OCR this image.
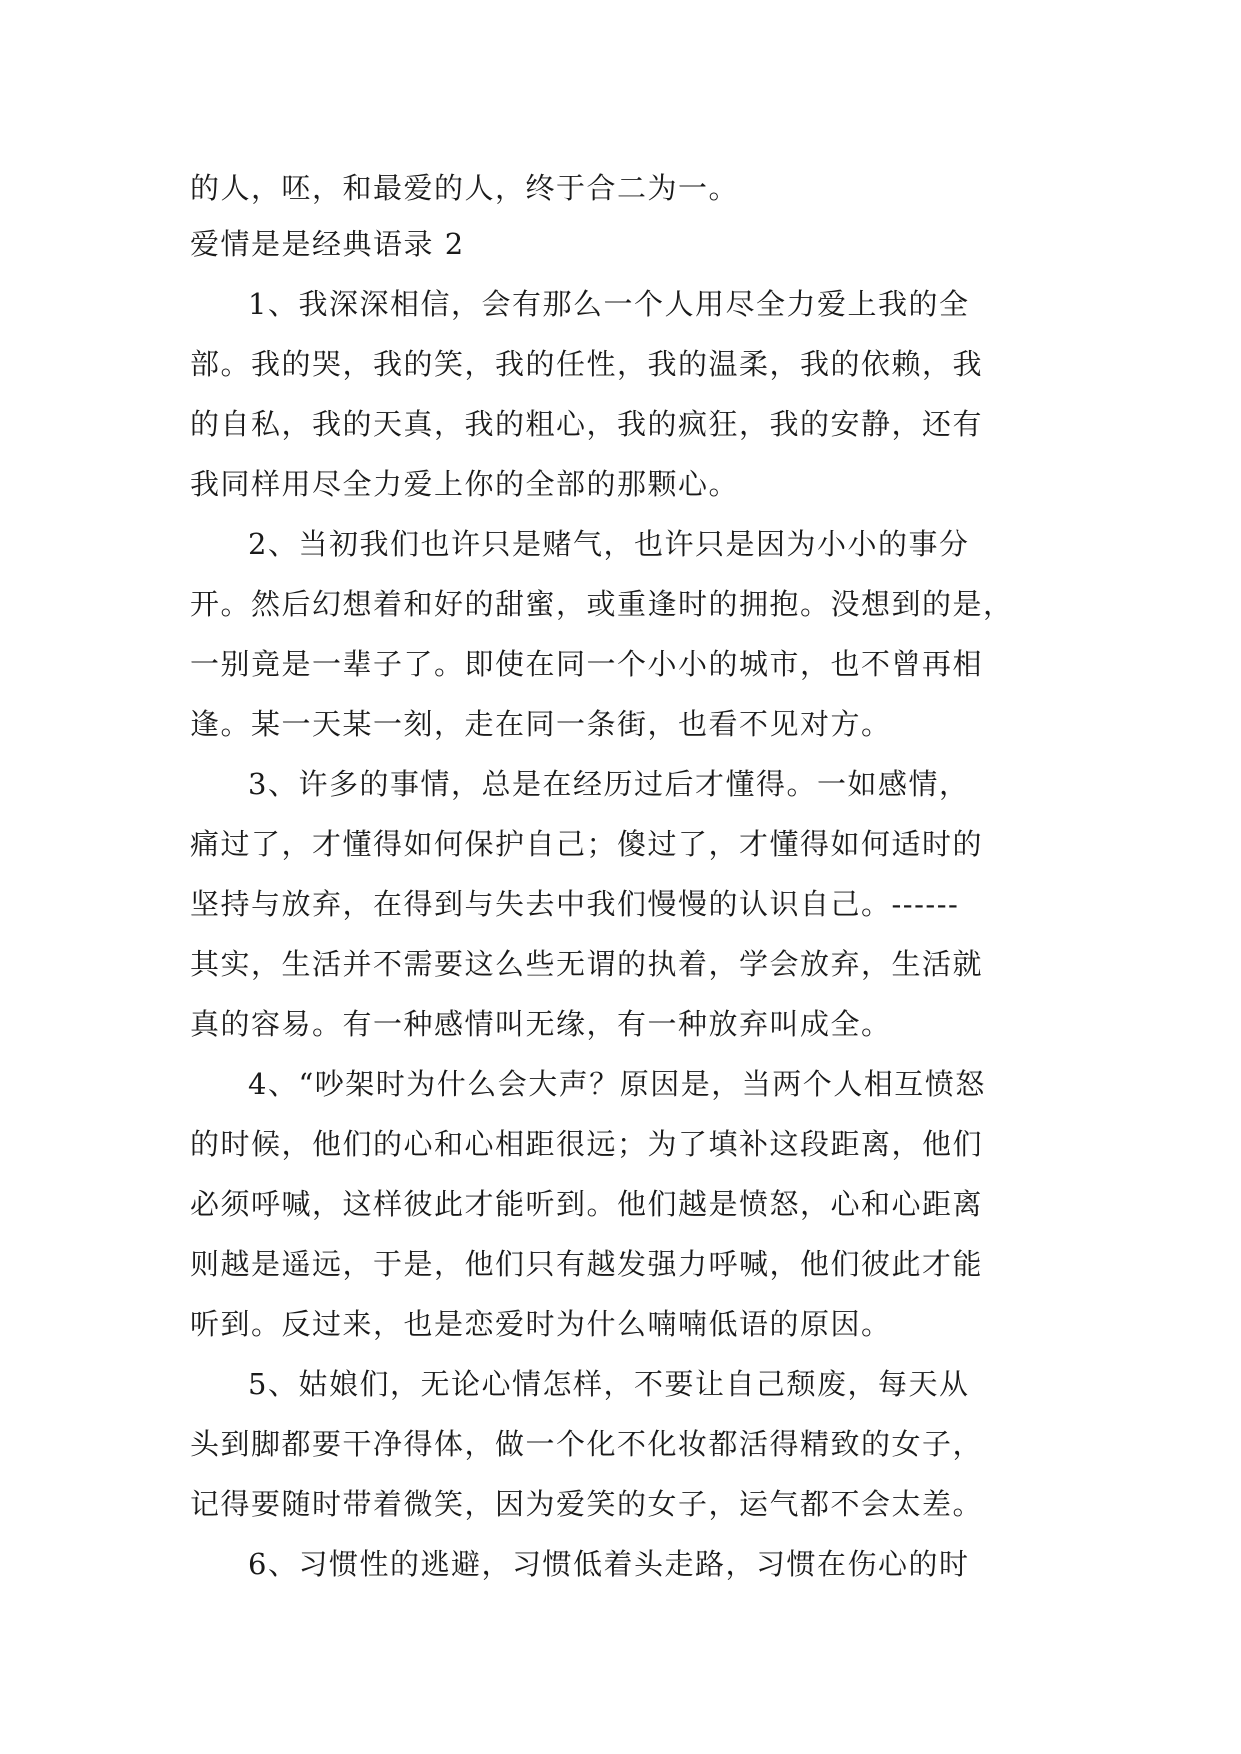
的人，呸，和最爱的人，终于合二为一。
爱情是是经典语录 2
1、我深深相信，会有那么一个人用尽全力爱上我的全
部。我的哭，我的笑，我的任性，我的温柔，我的依赖，我
的自私，我的天真，我的粗心，我的疯狂，我的安静，还有
我同样用尽全力爱上你的全部的那颗心。
2、当初我们也许只是赌气，也许只是因为小小的事分
开。然后幻想着和好的甜蜜，或重逢时的拥抱。没想到的是，
一别竟是一辈子了。即使在同一个小小的城市，也不曾再相
逢。某一天某一刻，走在同一条街，也看不见对方。
3、许多的事情，总是在经历过后才懂得。一如感情，
痛过了，才懂得如何保护自己；傻过了，才懂得如何适时的
坚持与放弃，在得到与失去中我们慢慢的认识自己。------
其实，生活并不需要这么些无谓的执着，学会放弃，生活就
真的容易。有一种感情叫无缘，有一种放弃叫成全。
4、“吵架时为什么会大声？原因是，当两个人相互愤怒
的时候，他们的心和心相距很远；为了填补这段距离，他们
必须呼喊，这样彼此才能听到。他们越是愤怒，心和心距离
则越是遥远，于是，他们只有越发强力呼喊，他们彼此才能
听到。反过来，也是恋爱时为什么喃喃低语的原因。
5、姑娘们，无论心情怎样，不要让自己颓废，每天从
头到脚都要干净得体，做一个化不化妆都活得精致的女子，
记得要随时带着微笑，因为爱笑的女子，运气都不会太差。
6、习惯性的逃避，习惯低着头走路，习惯在伤心的时
